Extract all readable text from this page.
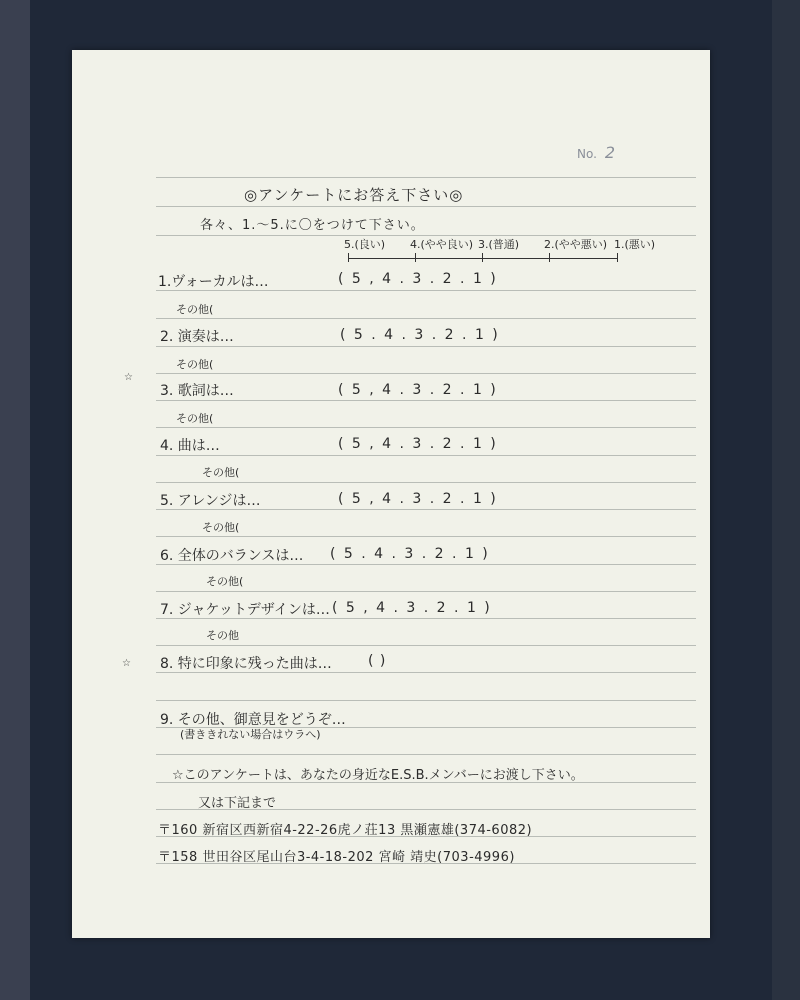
No. 2
◎アンケートにお答え下さい◎
各々、1.〜5.に〇をつけて下さい。
5.(良い) 4.(やや良い) 3.(普通) 2.(やや悪い) 1.(悪い)
1.ヴォーカルは…	( 5 , 4 . 3 . 2 . 1 )
その他(
2. 演奏は…	( 5 . 4 . 3 . 2 . 1 )
その他(
3. 歌詞は…	( 5 , 4 . 3 . 2 . 1 )
その他(
4. 曲は…	( 5 , 4 . 3 . 2 . 1 )
その他(
5. アレンジは…	( 5 , 4 . 3 . 2 . 1 )
その他(
6. 全体のバランスは… ( 5 . 4 . 3 . 2 . 1 )
その他(
7. ジャケットデザインは… ( 5 , 4 . 3 . 2 . 1 )
その他
8. 特に印象に残った曲は…	( )
9. その他、御意見をどうぞ…
(書ききれない場合はウラへ)
☆このアンケートは、あなたの身近なE.S.B.メンバーにお渡し下さい。
又は下記まで
〒160 新宿区西新宿4-22-26虎ノ荘13 黒瀬憲雄(374-6082)
〒158 世田谷区尾山台3-4-18-202 宮崎 靖史(703-4996)
☆
☆
